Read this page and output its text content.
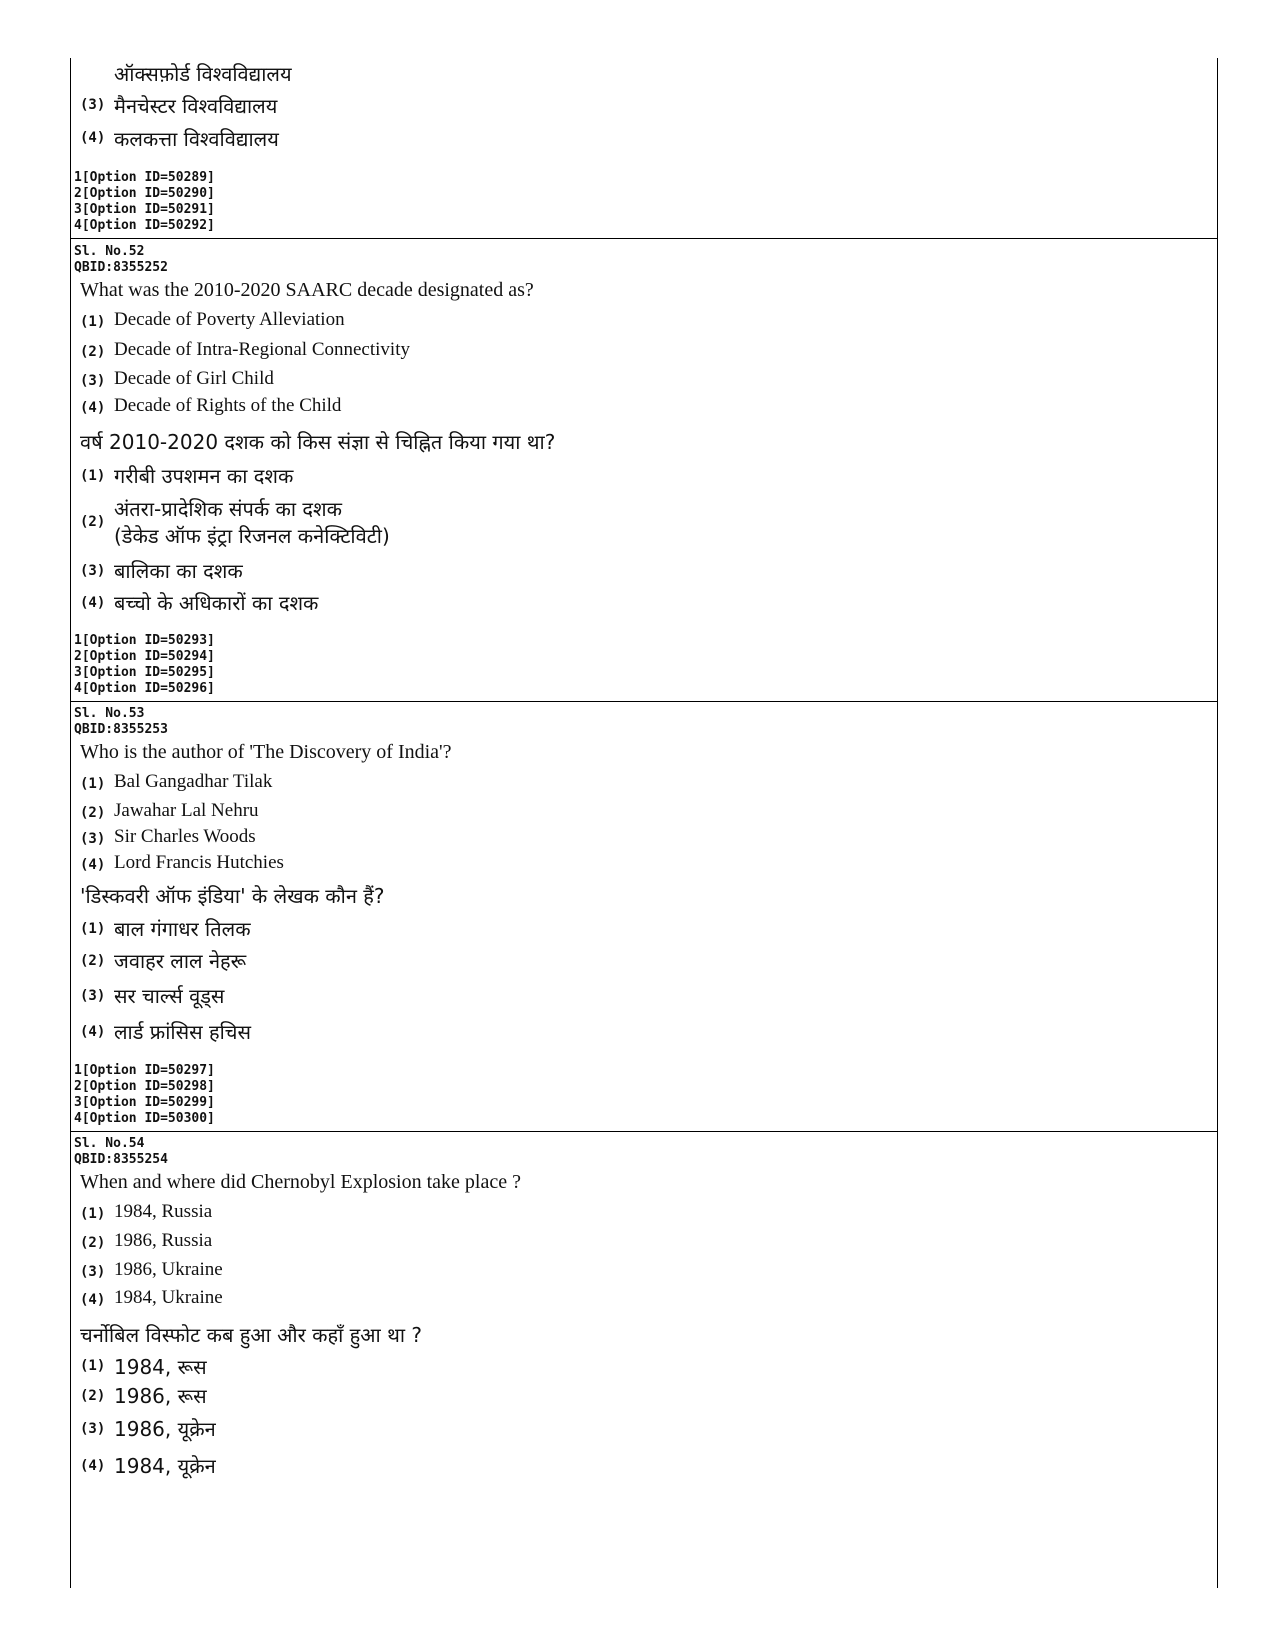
ऑक्सफ़ोर्ड विश्वविद्यालय
(3) मैनचेस्टर विश्वविद्यालय
(4) कलकत्ता विश्वविद्यालय
1[Option ID=50289]
2[Option ID=50290]
3[Option ID=50291]
4[Option ID=50292]
Sl. No.52
QBID:8355252
What was the 2010-2020 SAARC decade designated as?
(1) Decade of Poverty Alleviation
(2) Decade of Intra-Regional Connectivity
(3) Decade of Girl Child
(4) Decade of Rights of the Child
वर्ष 2010-2020 दशक को किस संज्ञा से चिह्नित किया गया था?
(1) गरीबी उपशमन का दशक
(2)
अंतरा-प्रादेशिक संपर्क का दशक
(डेकेड ऑफ इंट्रा रिजनल कनेक्टिविटी)
(3) बालिका का दशक
(4) बच्चो के अधिकारों का दशक
1[Option ID=50293]
2[Option ID=50294]
3[Option ID=50295]
4[Option ID=50296]
Sl. No.53
QBID:8355253
Who is the author of 'The Discovery of India'?
(1) Bal Gangadhar Tilak
(2) Jawahar Lal Nehru
(3) Sir Charles Woods
(4) Lord Francis Hutchies
'डिस्कवरी ऑफ इंडिया' के लेखक कौन हैं?
(1) बाल गंगाधर तिलक
(2) जवाहर लाल नेहरू
(3) सर चार्ल्स वूड्स
(4) लार्ड फ्रांसिस हचिस
1[Option ID=50297]
2[Option ID=50298]
3[Option ID=50299]
4[Option ID=50300]
Sl. No.54
QBID:8355254
When and where did Chernobyl Explosion take place ?
(1) 1984, Russia
(2) 1986, Russia
(3) 1986, Ukraine
(4) 1984, Ukraine
चर्नोबिल विस्फोट कब हुआ और कहाँ हुआ था ?
(1) 1984, रूस
(2) 1986, रूस
(3) 1986, यूक्रेन
(4) 1984, यूक्रेन
